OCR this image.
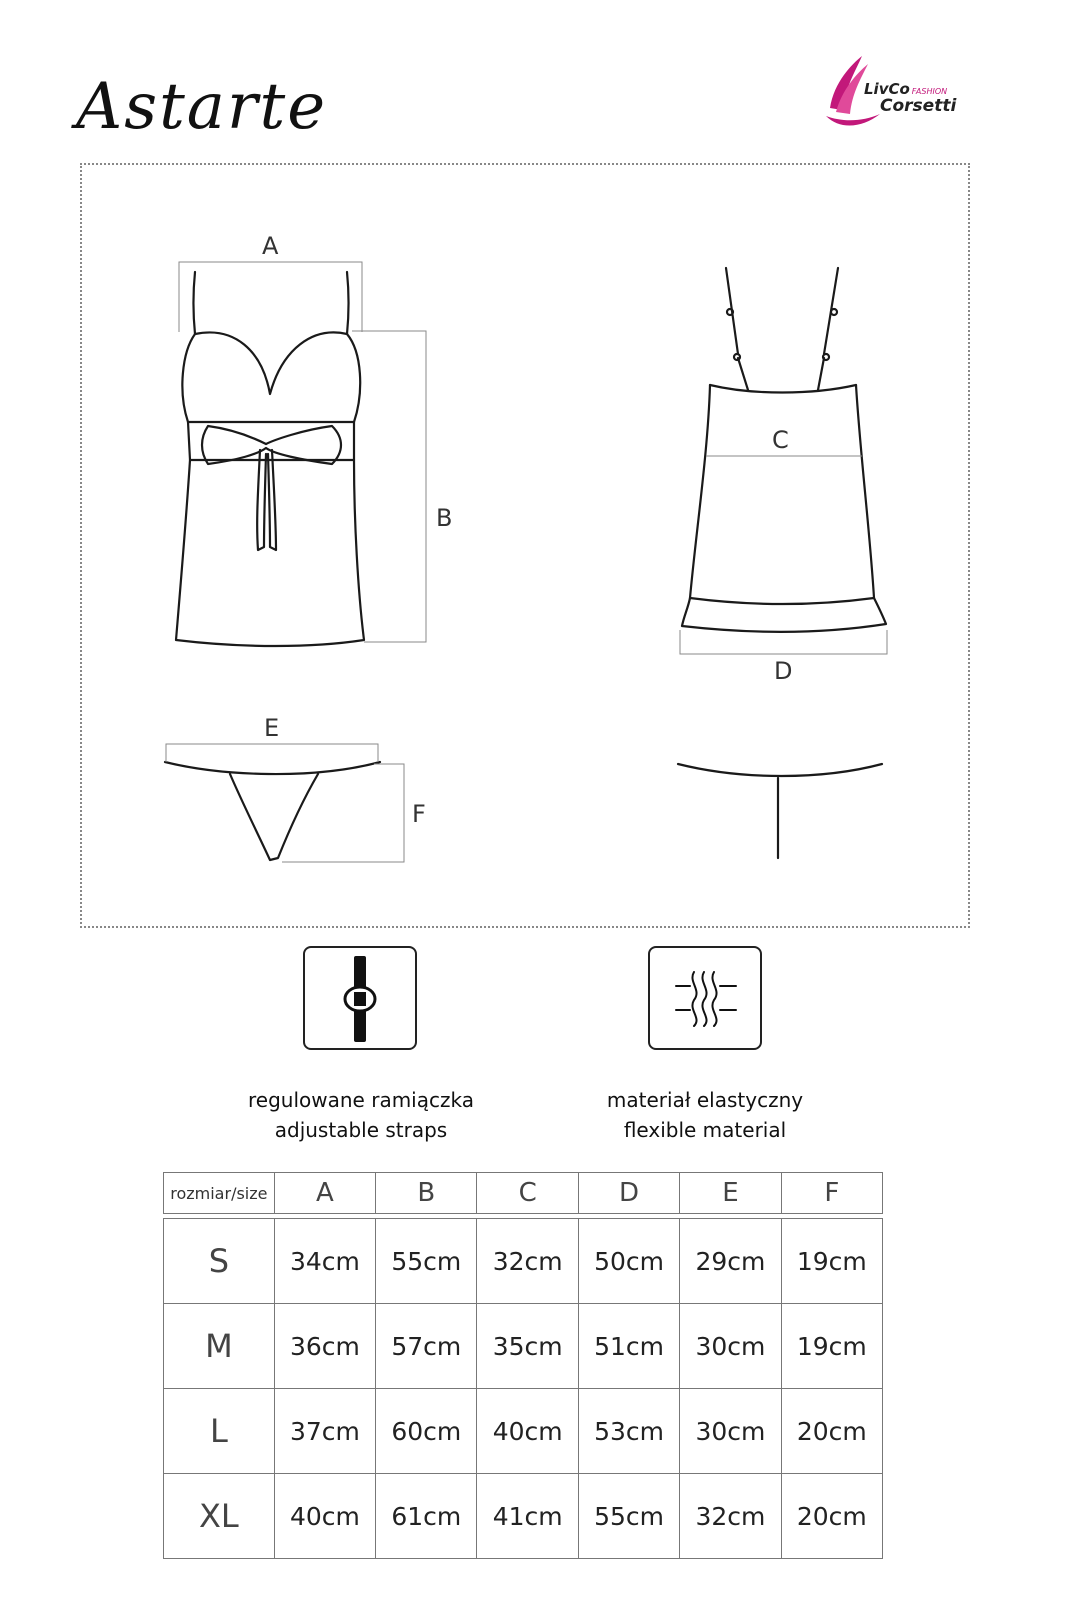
Astarte	LivCo FASHION
Corsetti
A
B
C
D
E
F
regulowane ramiączka
adjustable straps
materiał elastyczny
flexible material
rozmiar/size	A	B	C	D	E	F

S	34cm	55cm	32cm	50cm	29cm	19cm
M	36cm	57cm	35cm	51cm	30cm	19cm
L	37cm	60cm	40cm	53cm	30cm	20cm
XL	40cm	61cm	41cm	55cm	32cm	20cm
